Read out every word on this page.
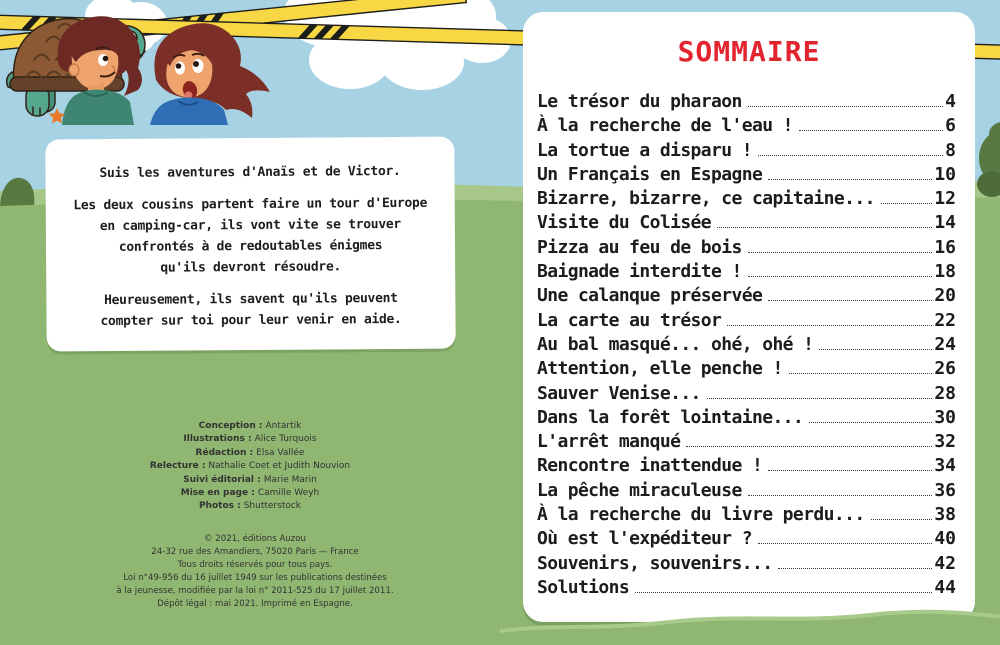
Suis les aventures d'Anaïs et de Victor.

Les deux cousins partent faire un tour d'Europe
en camping-car, ils vont vite se trouver
confrontés à de redoutables énigmes
qu'ils devront résoudre.

Heureusement, ils savent qu'ils peuvent
compter sur toi pour leur venir en aide.

Conception : Antartik
Illustrations : Alice Turquois
Rédaction : Elsa Vallée
Relecture : Nathalie Coet et Judith Nouvion
Suivi éditorial : Marie Marin
Mise en page : Camille Weyh
Photos : Shutterstock
© 2021, éditions Auzou
24-32 rue des Amandiers, 75020 Paris — France
Tous droits réservés pour tous pays.
Loi n°49-956 du 16 juillet 1949 sur les publications destinées
à la jeunesse, modifiée par la loi n° 2011-525 du 17 juillet 2011.
Dépôt légal : mai 2021. Imprimé en Espagne.
SOMMAIRE
Le trésor du pharaon	4
À la recherche de l'eau !	6
La tortue a disparu !	8
Un Français en Espagne	10
Bizarre, bizarre, ce capitaine...	12
Visite du Colisée	14
Pizza au feu de bois	16
Baignade interdite !	18
Une calanque préservée	20
La carte au trésor	22
Au bal masqué... ohé, ohé !	24
Attention, elle penche !	26
Sauver Venise...	28
Dans la forêt lointaine...	30
L'arrêt manqué	32
Rencontre inattendue !	34
La pêche miraculeuse	36
À la recherche du livre perdu...	38
Où est l'expéditeur ?	40
Souvenirs, souvenirs...	42
Solutions	44
